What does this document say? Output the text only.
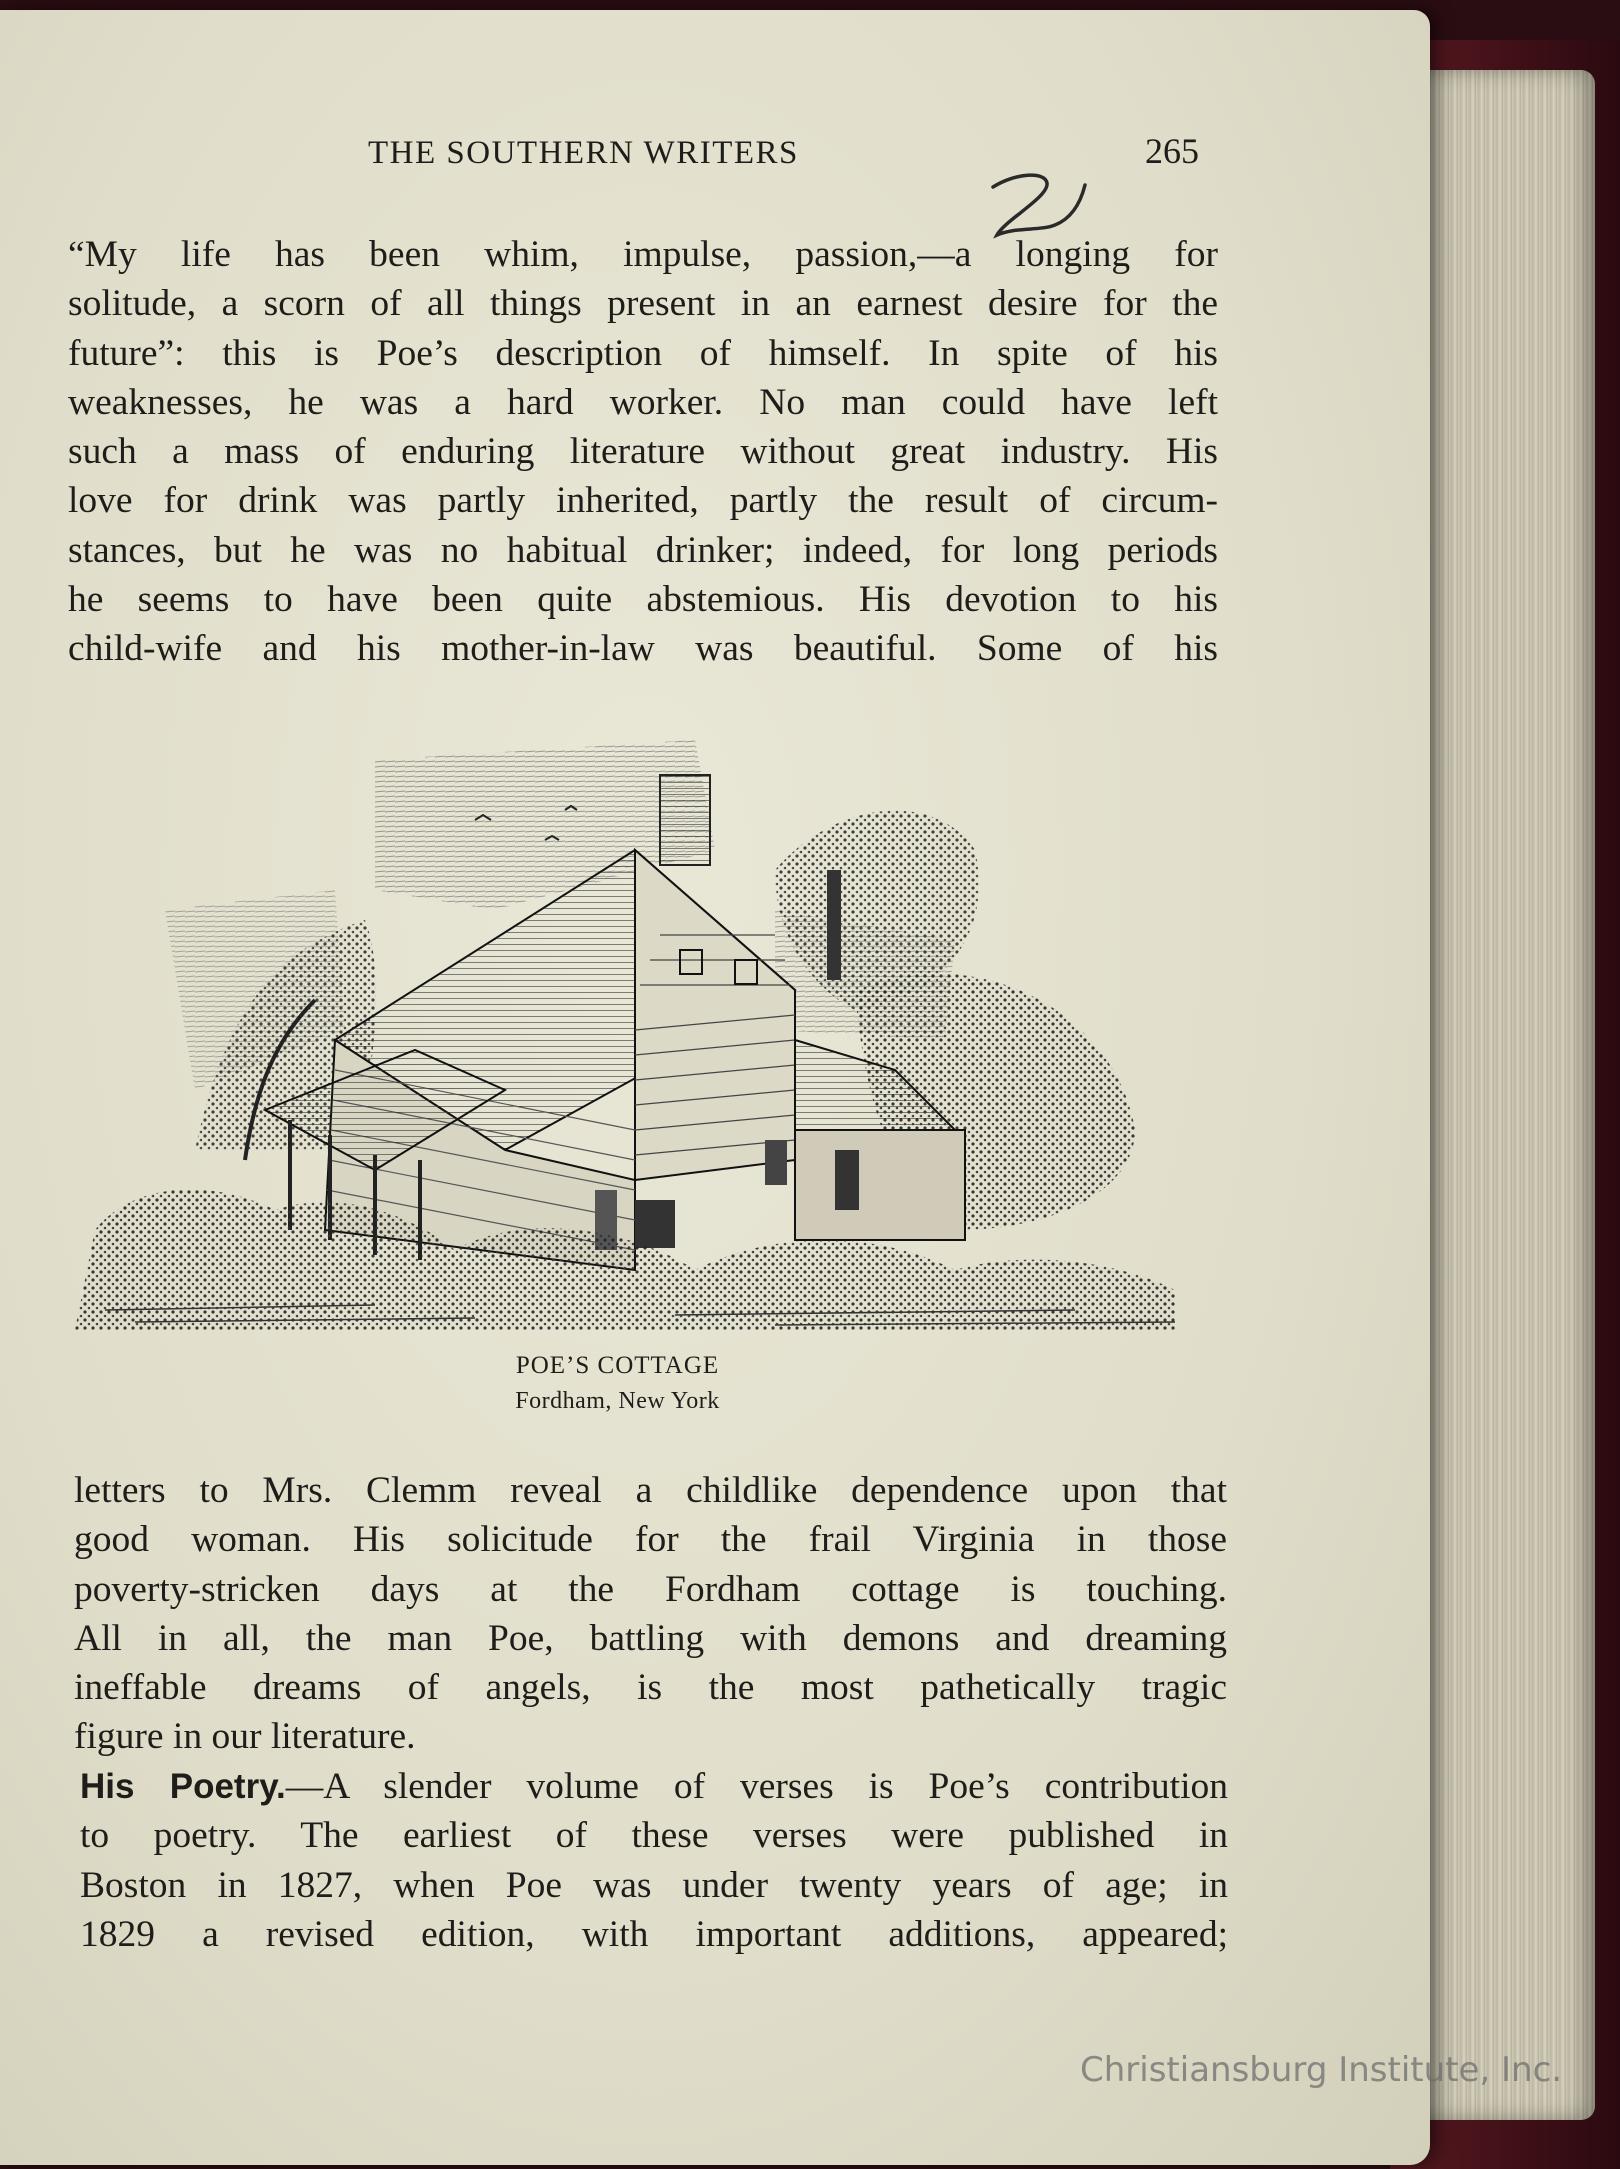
THE SOUTHERN WRITERS	265

“My life has been whim, impulse, passion,—a longing for
solitude, a scorn of all things present in an earnest desire for the
future”: this is Poe’s description of himself. In spite of his
weaknesses, he was a hard worker. No man could have left
such a mass of enduring literature without great industry. His
love for drink was partly inherited, partly the result of circum-
stances, but he was no habitual drinker; indeed, for long periods
he seems to have been quite abstemious. His devotion to his
child-wife and his mother-in-law was beautiful. Some of his

POE’S COTTAGE
Fordham, New York

letters to Mrs. Clemm reveal a childlike dependence upon that
good woman. His solicitude for the frail Virginia in those
poverty-stricken days at the Fordham cottage is touching.
All in all, the man Poe, battling with demons and dreaming
ineffable dreams of angels, is the most pathetically tragic
figure in our literature.

His Poetry.—A slender volume of verses is Poe’s contribution
to poetry. The earliest of these verses were published in
Boston in 1827, when Poe was under twenty years of age; in
1829 a revised edition, with important additions, appeared;

Christiansburg Institute, Inc.
